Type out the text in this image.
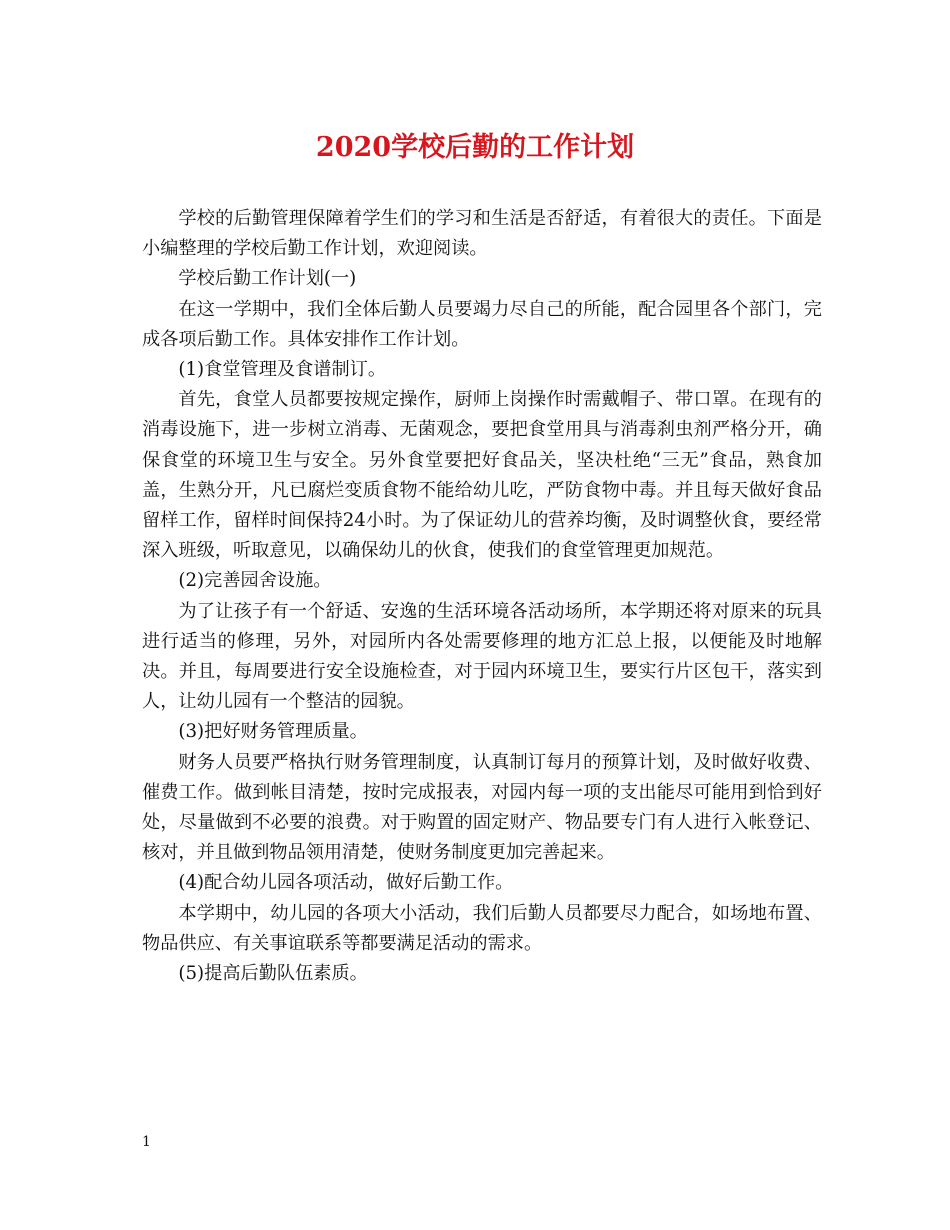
2020学校后勤的工作计划

学校的后勤管理保障着学生们的学习和生活是否舒适，有着很大的责任。下面是小编整理的学校后勤工作计划，欢迎阅读。

学校后勤工作计划(一)

在这一学期中，我们全体后勤人员要竭力尽自己的所能，配合园里各个部门，完成各项后勤工作。具体安排作工作计划。

(1)食堂管理及食谱制订。

首先，食堂人员都要按规定操作，厨师上岗操作时需戴帽子、带口罩。在现有的消毒设施下，进一步树立消毒、无菌观念，要把食堂用具与消毒刹虫剂严格分开，确保食堂的环境卫生与安全。另外食堂要把好食品关，坚决杜绝“三无”食品，熟食加盖，生熟分开，凡已腐烂变质食物不能给幼儿吃，严防食物中毒。并且每天做好食品留样工作，留样时间保持24小时。为了保证幼儿的营养均衡，及时调整伙食，要经常深入班级，听取意见，以确保幼儿的伙食，使我们的食堂管理更加规范。

(2)完善园舍设施。

为了让孩子有一个舒适、安逸的生活环境各活动场所，本学期还将对原来的玩具进行适当的修理，另外，对园所内各处需要修理的地方汇总上报，以便能及时地解决。并且，每周要进行安全设施检查，对于园内环境卫生，要实行片区包干，落实到人，让幼儿园有一个整洁的园貌。

(3)把好财务管理质量。

财务人员要严格执行财务管理制度，认真制订每月的预算计划，及时做好收费、催费工作。做到帐目清楚，按时完成报表，对园内每一项的支出能尽可能用到恰到好处，尽量做到不必要的浪费。对于购置的固定财产、物品要专门有人进行入帐登记、核对，并且做到物品领用清楚，使财务制度更加完善起来。

(4)配合幼儿园各项活动，做好后勤工作。

本学期中，幼儿园的各项大小活动，我们后勤人员都要尽力配合，如场地布置、物品供应、有关事谊联系等都要满足活动的需求。

(5)提高后勤队伍素质。

1
